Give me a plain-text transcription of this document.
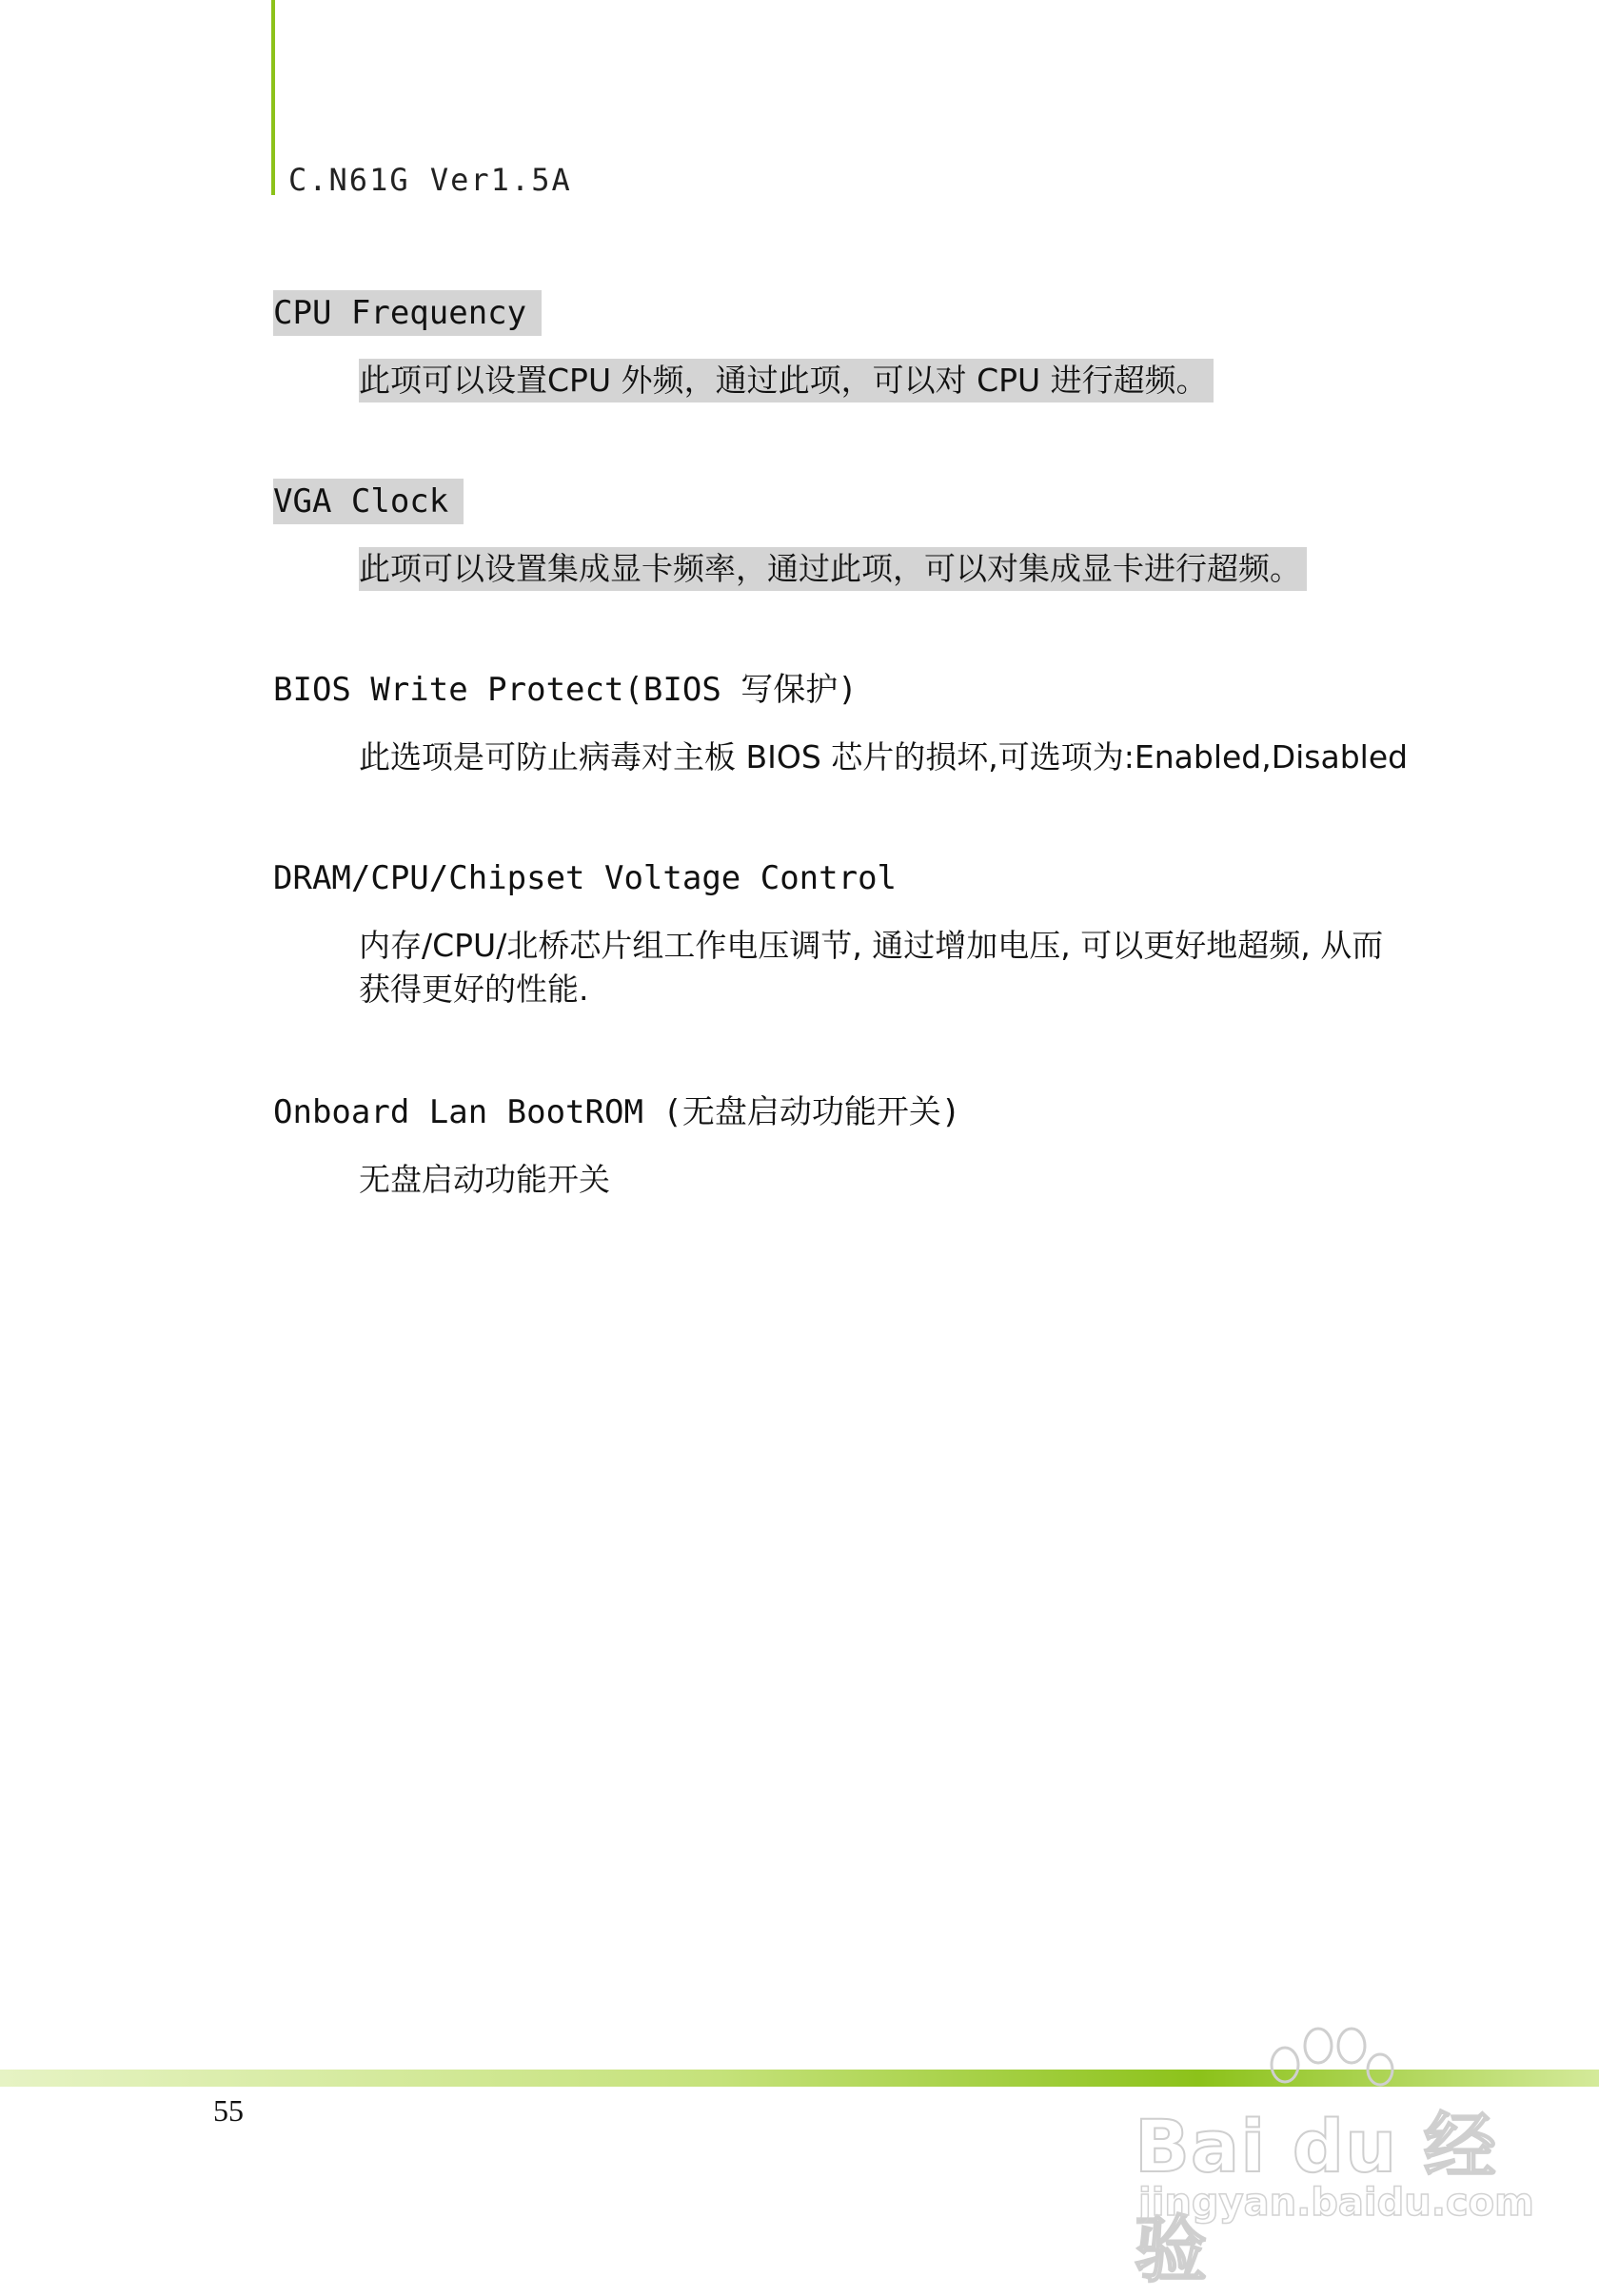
C.N61G Ver1.5A
CPU Frequency
此项可以设置CPU 外频，通过此项，可以对 CPU 进行超频。
VGA Clock
此项可以设置集成显卡频率，通过此项，可以对集成显卡进行超频。
BIOS Write Protect(BIOS 写保护)
此选项是可防止病毒对主板 BIOS 芯片的损坏,可选项为:Enabled,Disabled
DRAM/CPU/Chipset Voltage Control

内存/CPU/北桥芯片组工作电压调节, 通过增加电压, 可以更好地超频, 从而获得更好的性能.
Onboard Lan BootROM (无盘启动功能开关)
无盘启动功能开关
55	Bai du 经验
jingyan.baidu.com
